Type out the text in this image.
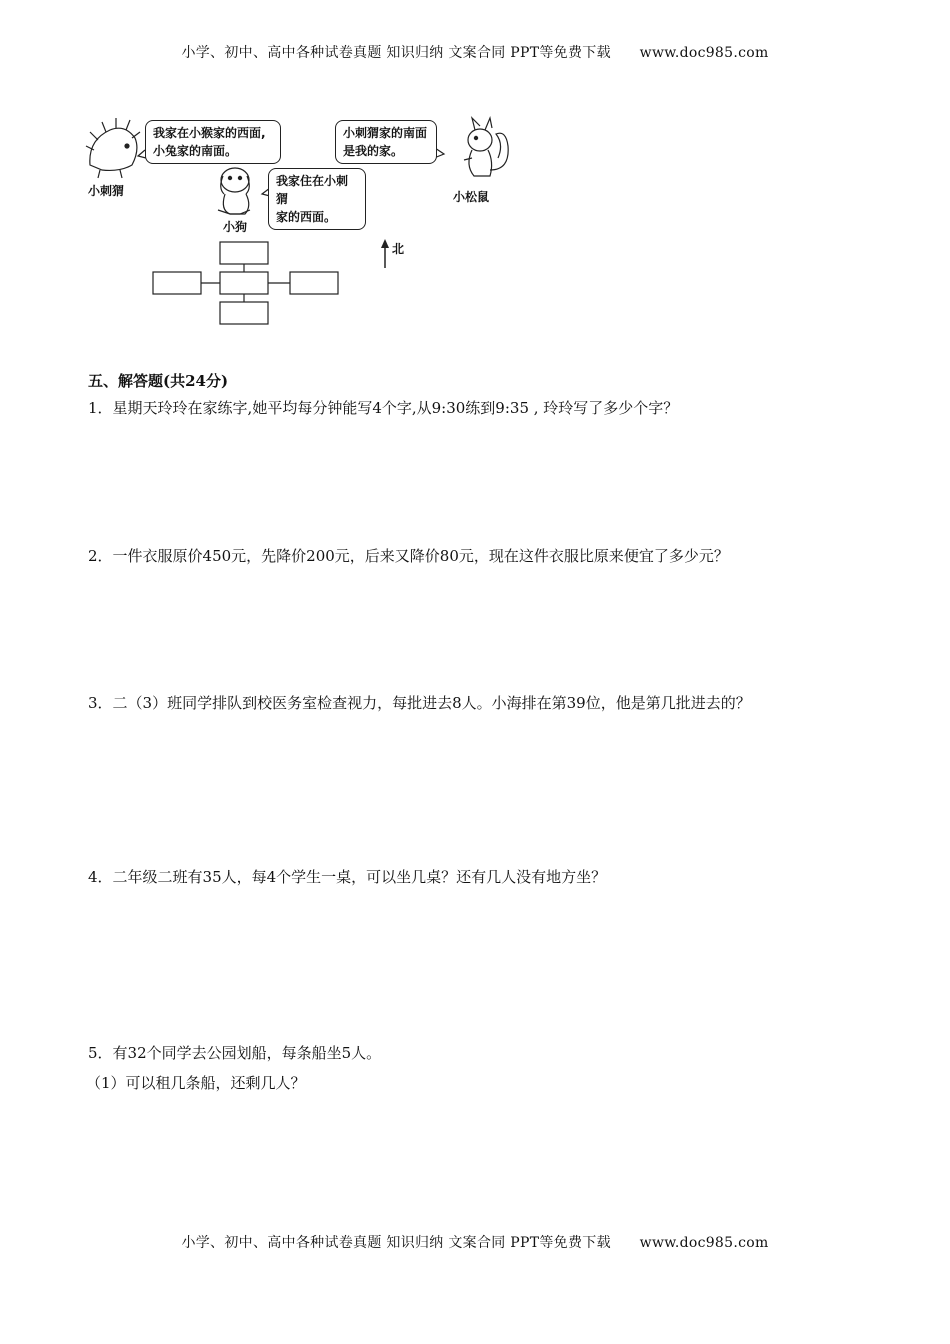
小学、初中、高中各种试卷真题 知识归纳 文案合同 PPT等免费下载 www.doc985.com
我家在小猴家的西面,
小兔家的南面。
小刺猬
我家住在小刺猬
家的西面。
小狗
小刺猬家的南面
是我的家。
小松鼠
北
五、解答题(共24分)
1．星期天玲玲在家练字,她平均每分钟能写4个字,从9:30练到9:35 , 玲玲写了多少个字？
2．一件衣服原价450元，先降价200元，后来又降价80元，现在这件衣服比原来便宜了多少元？
3．二（3）班同学排队到校医务室检查视力，每批进去8人。小海排在第39位，他是第几批进去的？
4．二年级二班有35人，每4个学生一桌，可以坐几桌？还有几人没有地方坐？
5．有32个同学去公园划船，每条船坐5人。
（1）可以租几条船，还剩几人？
小学、初中、高中各种试卷真题 知识归纳 文案合同 PPT等免费下载 www.doc985.com
